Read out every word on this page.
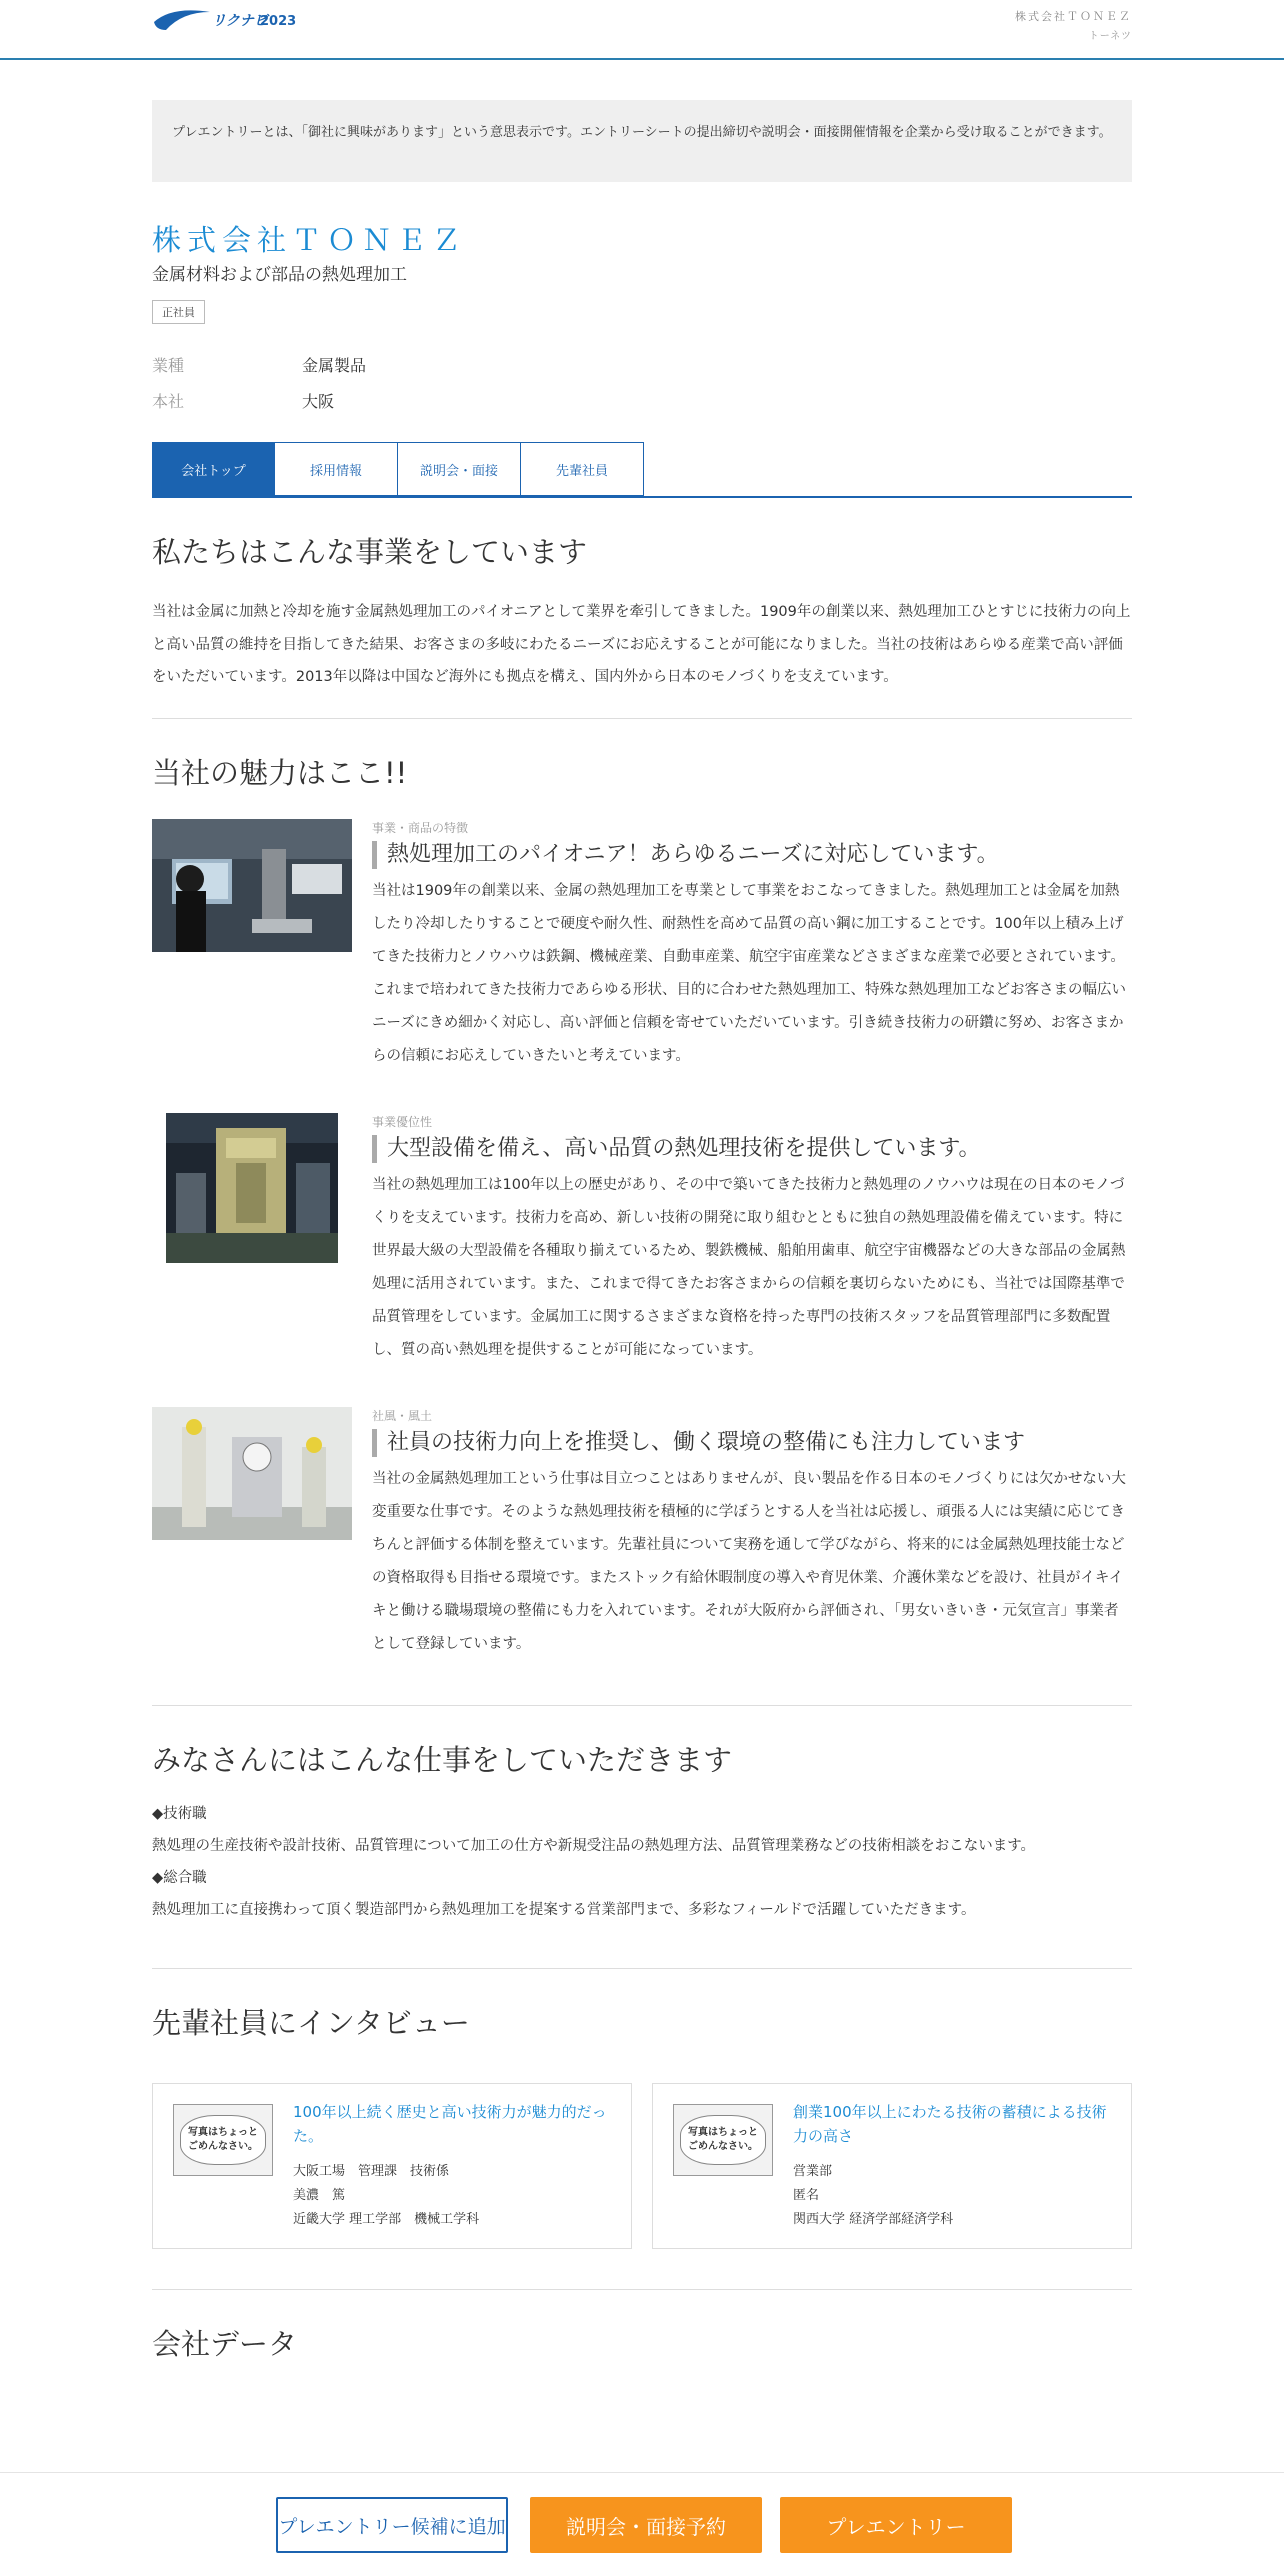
リクナビ
2023	株式会社ＴＯＮＥＺ
トーネツ
プレエントリーとは、「御社に興味があります」という意思表示です。エントリーシートの提出締切や説明会・面接開催情報を企業から受け取ることができます。
株式会社ＴＯＮＥＺ
金属材料および部品の熱処理加工
正社員
業種	金属製品
本社	大阪
会社トップ	採用情報	説明会・面接	先輩社員
私たちはこんな事業をしています

当社は金属に加熱と冷却を施す金属熱処理加工のパイオニアとして業界を牽引してきました。1909年の創業以来、熱処理加工ひとすじに技術力の向上と高い品質の維持を目指してきた結果、お客さまの多岐にわたるニーズにお応えすることが可能になりました。当社の技術はあらゆる産業で高い評価をいただいています。2013年以降は中国など海外にも拠点を構え、国内外から日本のモノづくりを支えています。

当社の魅力はここ!!
事業・商品の特徴
熱処理加工のパイオニア！あらゆるニーズに対応しています。

当社は1909年の創業以来、金属の熱処理加工を専業として事業をおこなってきました。熱処理加工とは金属を加熱したり冷却したりすることで硬度や耐久性、耐熱性を高めて品質の高い鋼に加工することです。100年以上積み上げてきた技術力とノウハウは鉄鋼、機械産業、自動車産業、航空宇宙産業などさまざまな産業で必要とされています。これまで培われてきた技術力であらゆる形状、目的に合わせた熱処理加工、特殊な熱処理加工などお客さまの幅広いニーズにきめ細かく対応し、高い評価と信頼を寄せていただいています。引き続き技術力の研鑽に努め、お客さまからの信頼にお応えしていきたいと考えています。

事業優位性
大型設備を備え、高い品質の熱処理技術を提供しています。

当社の熱処理加工は100年以上の歴史があり、その中で築いてきた技術力と熱処理のノウハウは現在の日本のモノづくりを支えています。技術力を高め、新しい技術の開発に取り組むとともに独自の熱処理設備を備えています。特に世界最大級の大型設備を各種取り揃えているため、製鉄機械、船舶用歯車、航空宇宙機器などの大きな部品の金属熱処理に活用されています。また、これまで得てきたお客さまからの信頼を裏切らないためにも、当社では国際基準で品質管理をしています。金属加工に関するさまざまな資格を持った専門の技術スタッフを品質管理部門に多数配置し、質の高い熱処理を提供することが可能になっています。

社風・風土
社員の技術力向上を推奨し、働く環境の整備にも注力しています

当社の金属熱処理加工という仕事は目立つことはありませんが、良い製品を作る日本のモノづくりには欠かせない大変重要な仕事です。そのような熱処理技術を積極的に学ぼうとする人を当社は応援し、頑張る人には実績に応じてきちんと評価する体制を整えています。先輩社員について実務を通して学びながら、将来的には金属熱処理技能士などの資格取得も目指せる環境です。またストック有給休暇制度の導入や育児休業、介護休業などを設け、社員がイキイキと働ける職場環境の整備にも力を入れています。それが大阪府から評価され、「男女いきいき・元気宣言」事業者として登録しています。

みなさんにはこんな仕事をしていただきます
◆技術職
熱処理の生産技術や設計技術、品質管理について加工の仕方や新規受注品の熱処理方法、品質管理業務などの技術相談をおこないます。
◆総合職
熱処理加工に直接携わって頂く製造部門から熱処理加工を提案する営業部門まで、多彩なフィールドで活躍していただきます。
先輩社員にインタビュー
写真はちょっと
ごめんなさい。
100年以上続く歴史と高い技術力が魅力的だった。
大阪工場　管理課　技術係
美濃　篤
近畿大学 理工学部　機械工学科
写真はちょっと
ごめんなさい。
創業100年以上にわたる技術の蓄積による技術力の高さ
営業部
匿名
関西大学 経済学部経済学科
会社データ
プレエントリー候補に追加	説明会・面接予約	プレエントリー
